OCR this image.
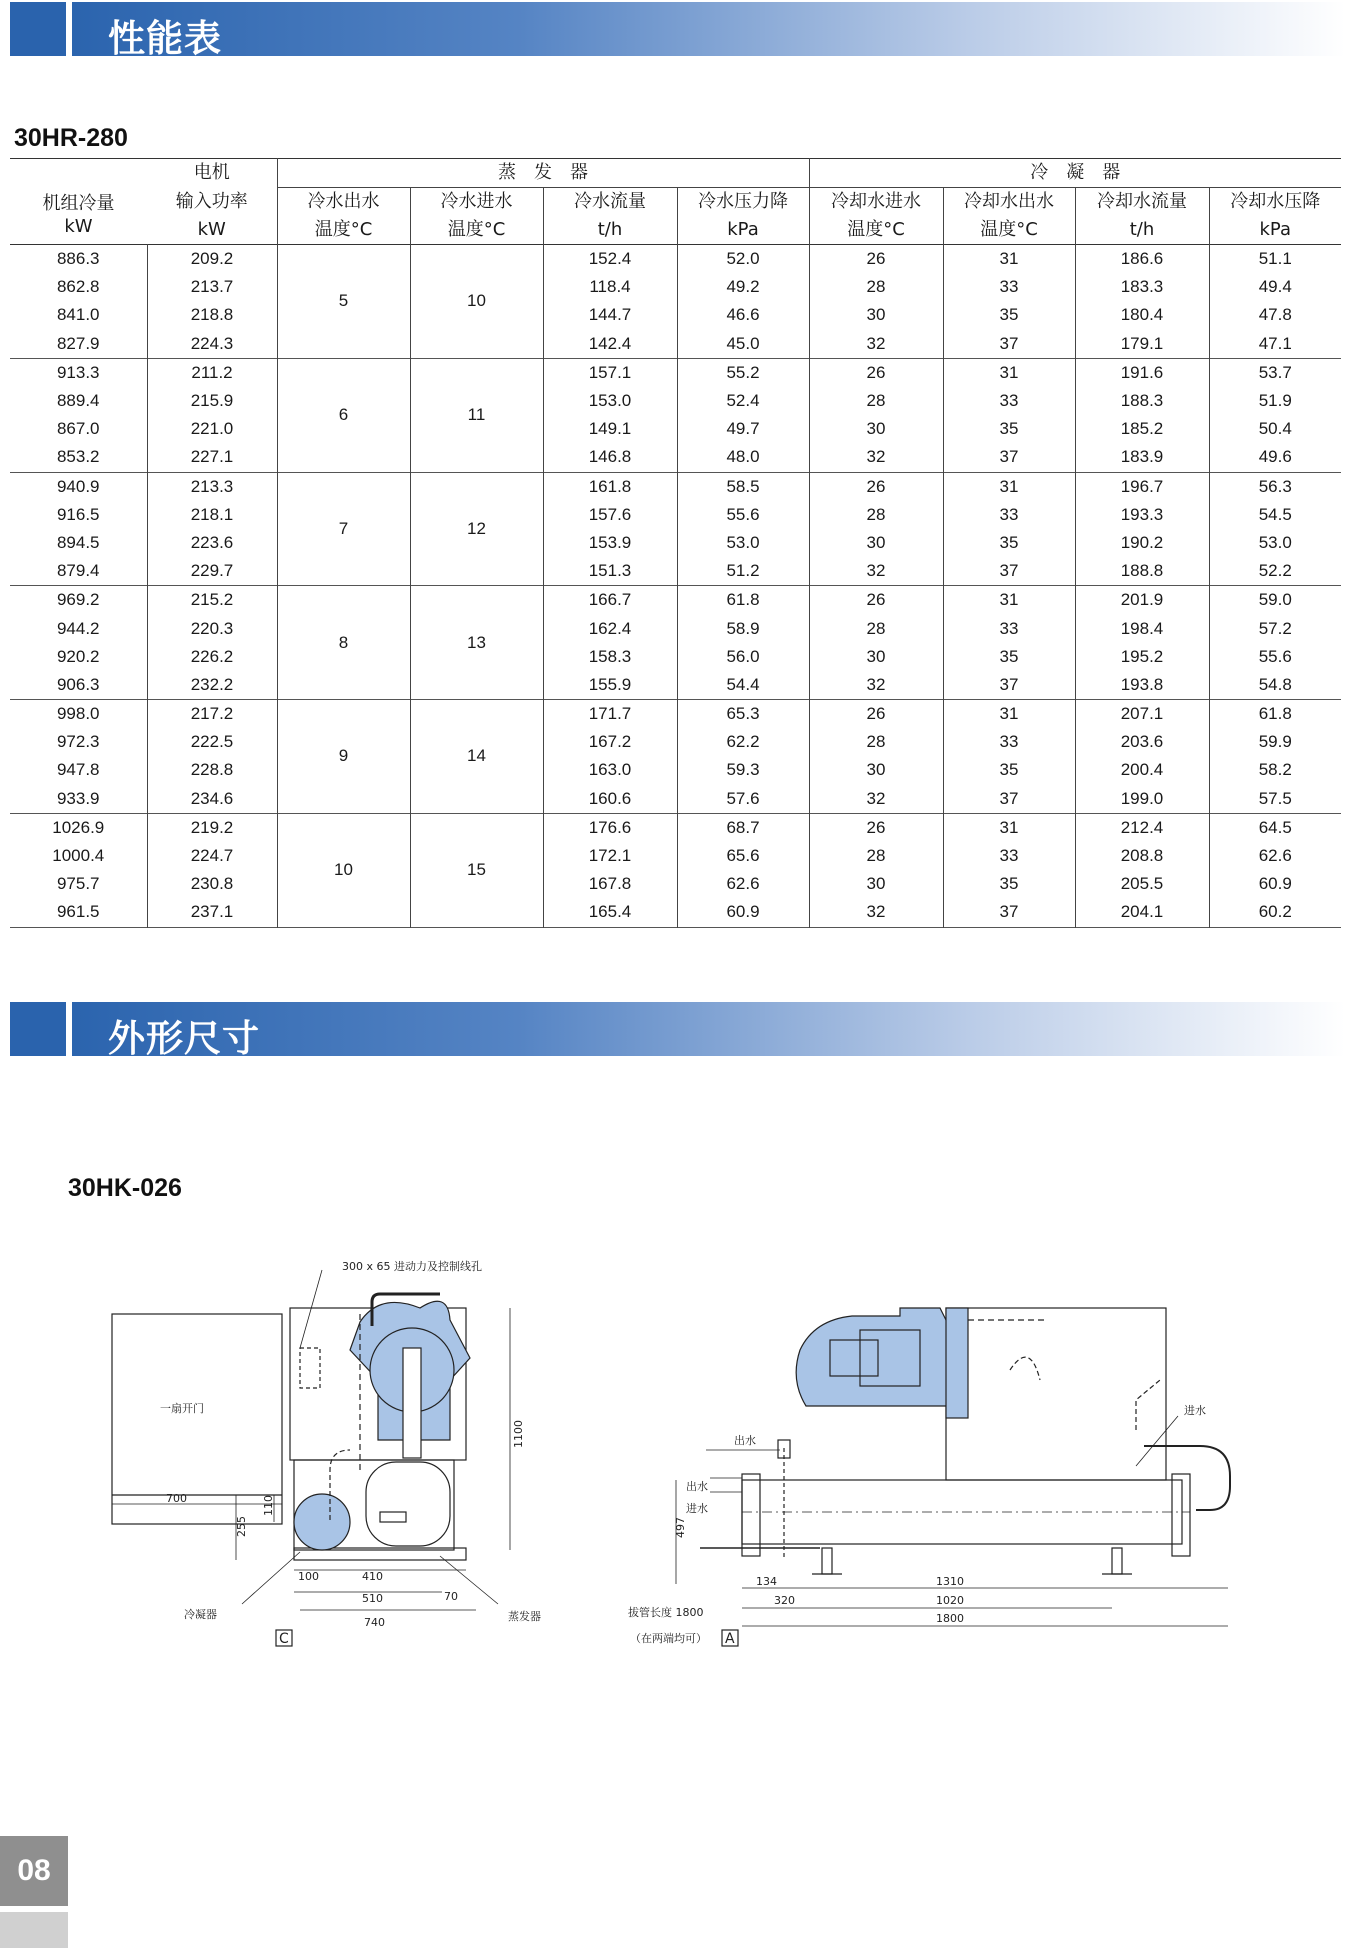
性能表
30HR-280
机组冷量	电机	蒸　发　器				冷　凝　器			
	输入功率	冷水出水	冷水进水	冷水流量	冷水压力降	冷却水进水	冷却水出水	冷却水流量	冷却水压降
kW	kW	温度°C	温度°C	t/h	kPa	温度°C	温度°C	t/h	kPa
886.3	209.2	5	10	152.4	52.0	26	31	186.6	51.1
862.8	213.7			118.4	49.2	28	33	183.3	49.4
841.0	218.8			144.7	46.6	30	35	180.4	47.8
827.9	224.3			142.4	45.0	32	37	179.1	47.1
913.3	211.2	6	11	157.1	55.2	26	31	191.6	53.7
889.4	215.9			153.0	52.4	28	33	188.3	51.9
867.0	221.0			149.1	49.7	30	35	185.2	50.4
853.2	227.1			146.8	48.0	32	37	183.9	49.6
940.9	213.3	7	12	161.8	58.5	26	31	196.7	56.3
916.5	218.1			157.6	55.6	28	33	193.3	54.5
894.5	223.6			153.9	53.0	30	35	190.2	53.0
879.4	229.7			151.3	51.2	32	37	188.8	52.2
969.2	215.2	8	13	166.7	61.8	26	31	201.9	59.0
944.2	220.3			162.4	58.9	28	33	198.4	57.2
920.2	226.2			158.3	56.0	30	35	195.2	55.6
906.3	232.2			155.9	54.4	32	37	193.8	54.8
998.0	217.2	9	14	171.7	65.3	26	31	207.1	61.8
972.3	222.5			167.2	62.2	28	33	203.6	59.9
947.8	228.8			163.0	59.3	30	35	200.4	58.2
933.9	234.6			160.6	57.6	32	37	199.0	57.5
1026.9	219.2	10	15	176.6	68.7	26	31	212.4	64.5
1000.4	224.7			172.1	65.6	28	33	208.8	62.6
975.7	230.8			167.8	62.6	30	35	205.5	60.9
961.5	237.1			165.4	60.9	32	37	204.1	60.2
外形尺寸
30HK-026
300 x 65 进动力及控制线孔
一扇开门
700
1100
255
110
100	410
510	70
740
冷凝器	蒸发器
C
出水
进水
出水
进水
497
134	1310
320	1020
1800
拔管长度 1800
（在两端均可） A
08
